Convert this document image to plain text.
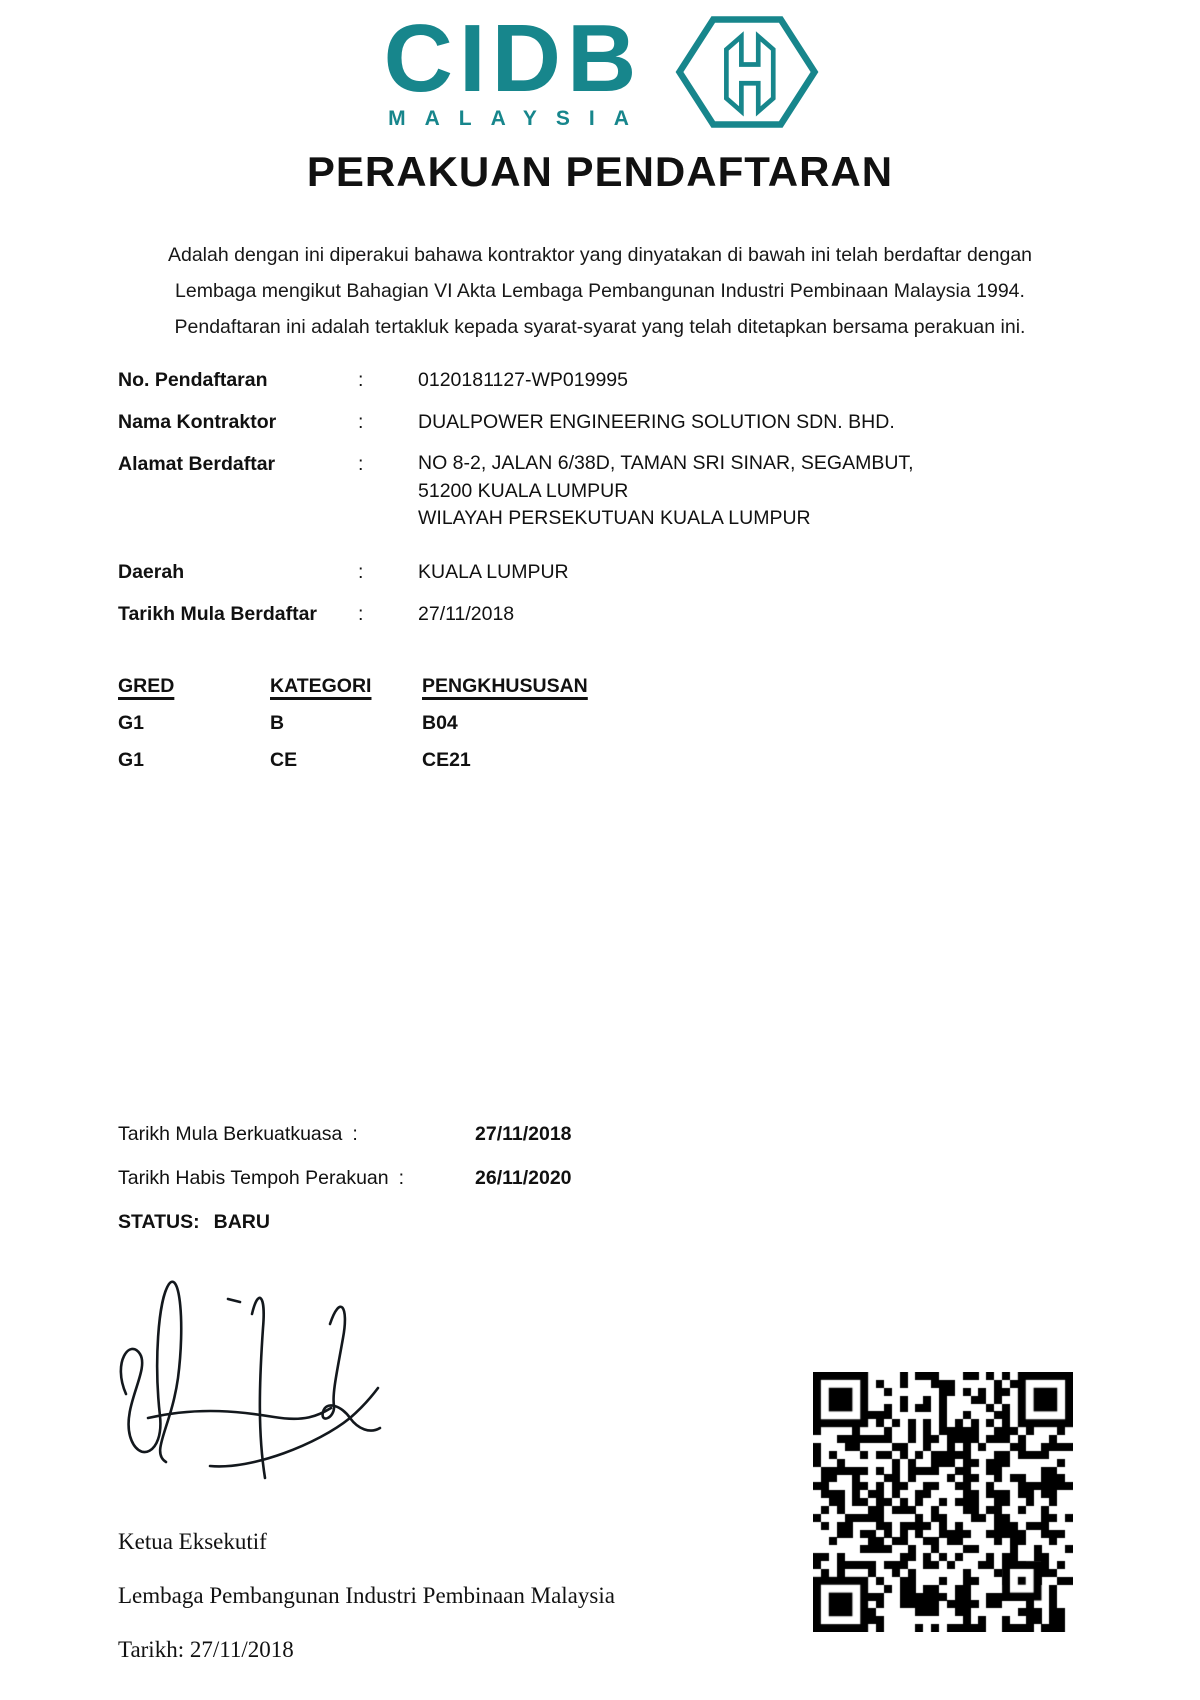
CIDB
MALAYSIA
PERAKUAN PENDAFTARAN
Adalah dengan ini diperakui bahawa kontraktor yang dinyatakan di bawah ini telah berdaftar dengan
Lembaga mengikut Bahagian VI Akta Lembaga Pembangunan Industri Pembinaan Malaysia 1994.
Pendaftaran ini adalah tertakluk kepada syarat-syarat yang telah ditetapkan bersama perakuan ini.
No. Pendaftaran	:	0120181127-WP019995
Nama Kontraktor	:	DUALPOWER ENGINEERING SOLUTION SDN. BHD.
Alamat Berdaftar	:	NO 8-2, JALAN 6/38D, TAMAN SRI SINAR, SEGAMBUT,
51200 KUALA LUMPUR
WILAYAH PERSEKUTUAN KUALA LUMPUR
Daerah	:	KUALA LUMPUR
Tarikh Mula Berdaftar	:	27/11/2018
GRED	KATEGORI	PENGKHUSUSAN
G1	B	B04
G1	CE	CE21
Tarikh Mula Berkuatkuasa :	27/11/2018
Tarikh Habis Tempoh Perakuan :	26/11/2020
STATUS: BARU
Ketua Eksekutif
Lembaga Pembangunan Industri Pembinaan Malaysia
Tarikh: 27/11/2018
